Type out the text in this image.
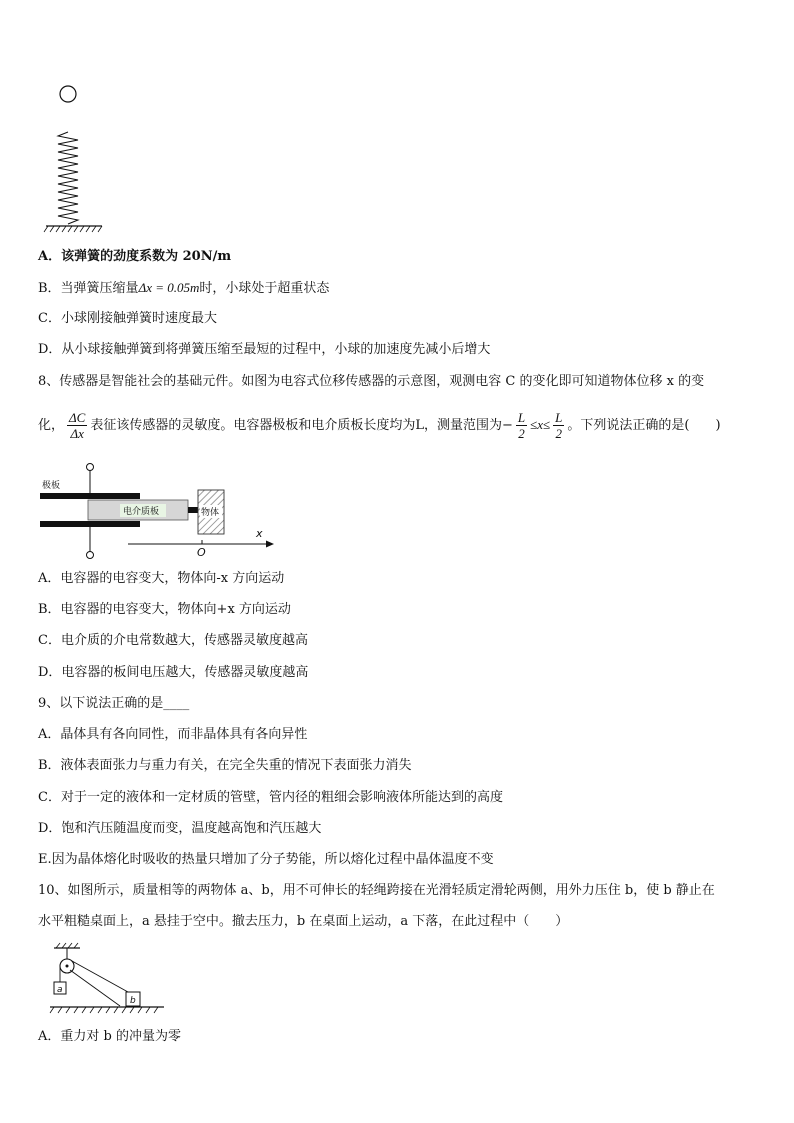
A．该弹簧的劲度系数为 20N/m
B．当弹簧压缩量Δx = 0.05m时，小球处于超重状态
C．小球刚接触弹簧时速度最大
D．从小球接触弹簧到将弹簧压缩至最短的过程中，小球的加速度先减小后增大
8、传感器是智能社会的基础元件。如图为电容式位移传感器的示意图，观测电容 C 的变化即可知道物体位移 x 的变
化， $\frac{\Delta C}{\Delta x}$ 表征该传感器的灵敏度。电容器极板和电介质板长度均为L，测量范围为− $\frac{L}{2} \le x\le \frac{L}{2}$ 。下列说法正确的是(　　)
极板
电介质板	物体
x
O
A．电容器的电容变大，物体向-x 方向运动
B．电容器的电容变大，物体向+x 方向运动
C．电介质的介电常数越大，传感器灵敏度越高
D．电容器的板间电压越大，传感器灵敏度越高
9、以下说法正确的是____
A．晶体具有各向同性，而非晶体具有各向异性
B．液体表面张力与重力有关，在完全失重的情况下表面张力消失
C．对于一定的液体和一定材质的管壁，管内径的粗细会影响液体所能达到的高度
D．饱和汽压随温度而变，温度越高饱和汽压越大
E.因为晶体熔化时吸收的热量只增加了分子势能，所以熔化过程中晶体温度不变
10、如图所示，质量相等的两物体 a、b，用不可伸长的轻绳跨接在光滑轻质定滑轮两侧，用外力压住 b，使 b 静止在
水平粗糙桌面上，a 悬挂于空中。撤去压力，b 在桌面上运动，a 下落，在此过程中（　　）
a
b
A．重力对 b 的冲量为零
